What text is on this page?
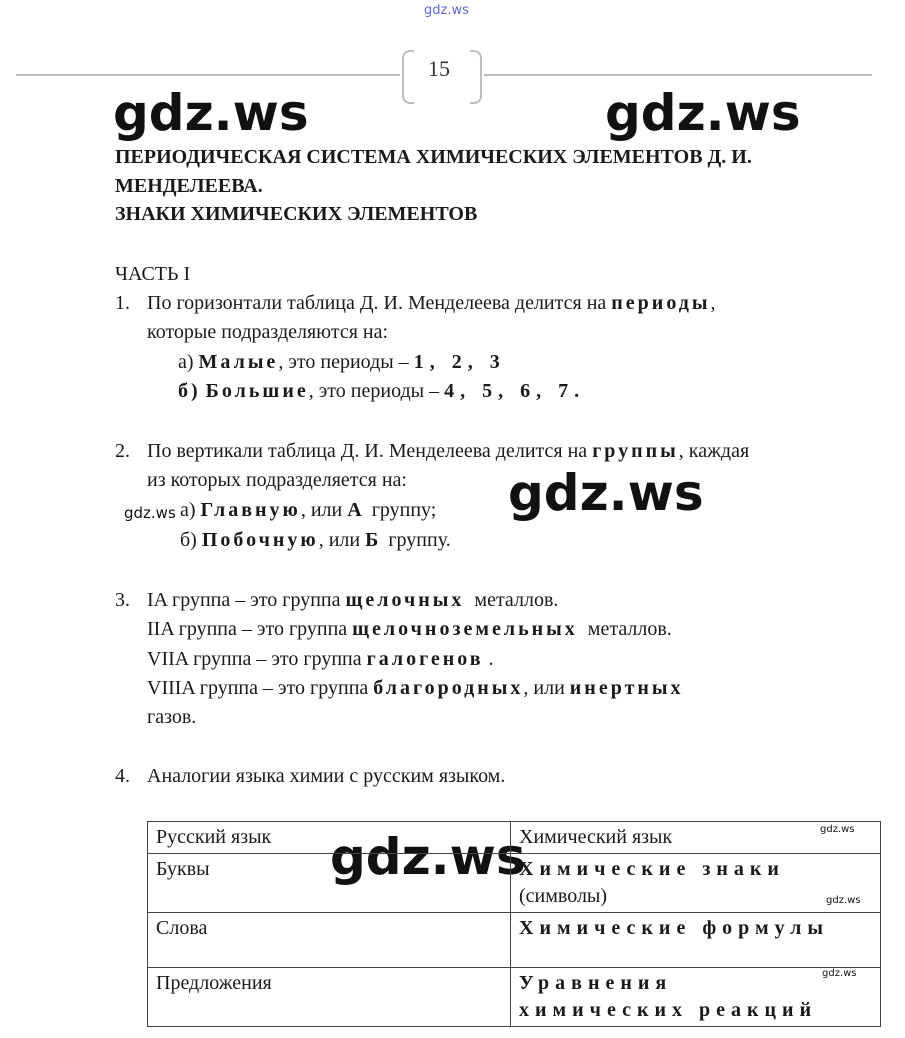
gdz.ws
15
gdz.ws	gdz.ws
gdz.ws
gdz.ws
gdz.ws
gdz.ws
gdz.ws
gdz.ws
ПЕРИОДИЧЕСКАЯ СИСТЕМА ХИМИЧЕСКИХ ЭЛЕМЕНТОВ Д. И.
МЕНДЕЛЕЕВА.
ЗНАКИ ХИМИЧЕСКИХ ЭЛЕМЕНТОВ
ЧАСТЬ I
1. По горизонтали таблица Д. И. Менделеева делится на периоды,
которые подразделяются на:
а) Малые, это периоды – 1, 2, 3
б) Большие, это периоды – 4, 5, 6, 7.
2. По вертикали таблица Д. И. Менделеева делится на группы, каждая
из которых подразделяется на:
а) Главную, или А группу;
б) Побочную, или Б группу.
3. IA группа – это группа щелочных металлов.
IIA группа – это группа щелочноземельных металлов.
VIIA группа – это группа галогенов .
VIIIA группа – это группа благородных, или инертных
газов.
4. Аналогии языка химии с русским языком.
Русский язык	Химический язык
Буквы	Химические знаки
(символы)

Слова	Химические формулы

Предложения	Уравнения
химических реакций
